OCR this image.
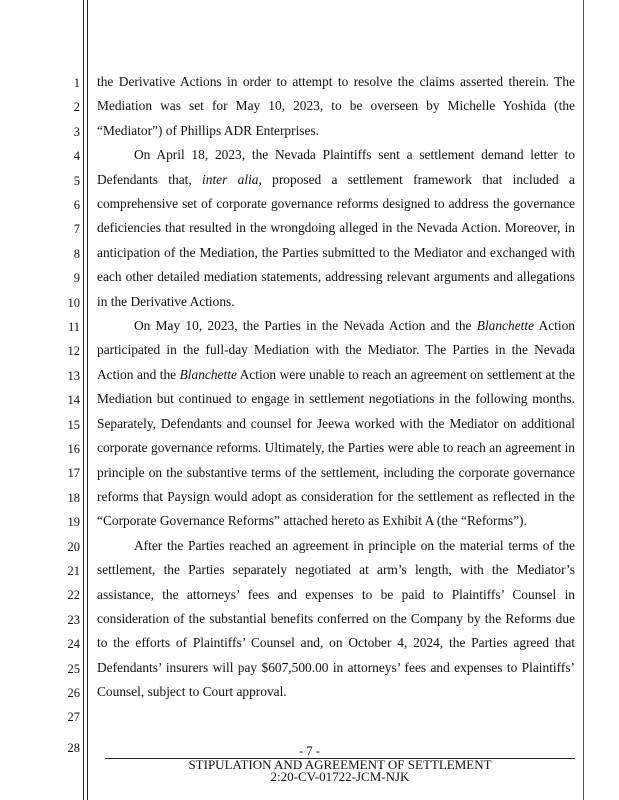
1
2
3
4
5
6
7
8
9
10
11
12
13
14
15
16
17
18
19
20
21
22
23
24
25
26
27
28

the Derivative Actions in order to attempt to resolve the claims asserted therein. The Mediation was set for May 10, 2023, to be overseen by Michelle Yoshida (the “Mediator”) of Phillips ADR Enterprises.

On April 18, 2023, the Nevada Plaintiffs sent a settlement demand letter to Defendants that, inter alia, proposed a settlement framework that included a comprehensive set of corporate governance reforms designed to address the governance deficiencies that resulted in the wrongdoing alleged in the Nevada Action. Moreover, in anticipation of the Mediation, the Parties submitted to the Mediator and exchanged with each other detailed mediation statements, addressing relevant arguments and allegations in the Derivative Actions.

On May 10, 2023, the Parties in the Nevada Action and the Blanchette Action participated in the full-day Mediation with the Mediator. The Parties in the Nevada Action and the Blanchette Action were unable to reach an agreement on settlement at the Mediation but continued to engage in settlement negotiations in the following months. Separately, Defendants and counsel for Jeewa worked with the Mediator on additional corporate governance reforms. Ultimately, the Parties were able to reach an agreement in principle on the substantive terms of the settlement, including the corporate governance reforms that Paysign would adopt as consideration for the settlement as reflected in the “Corporate Governance Reforms” attached hereto as Exhibit A (the “Reforms”).

After the Parties reached an agreement in principle on the material terms of the settlement, the Parties separately negotiated at arm’s length, with the Mediator’s assistance, the attorneys’ fees and expenses to be paid to Plaintiffs’ Counsel in consideration of the substantial benefits conferred on the Company by the Reforms due to the efforts of Plaintiffs’ Counsel and, on October 4, 2024, the Parties agreed that Defendants’ insurers will pay $607,500.00 in attorneys’ fees and expenses to Plaintiffs’ Counsel, subject to Court approval.

- 7 -
STIPULATION AND AGREEMENT OF SETTLEMENT
2:20-CV-01722-JCM-NJK
